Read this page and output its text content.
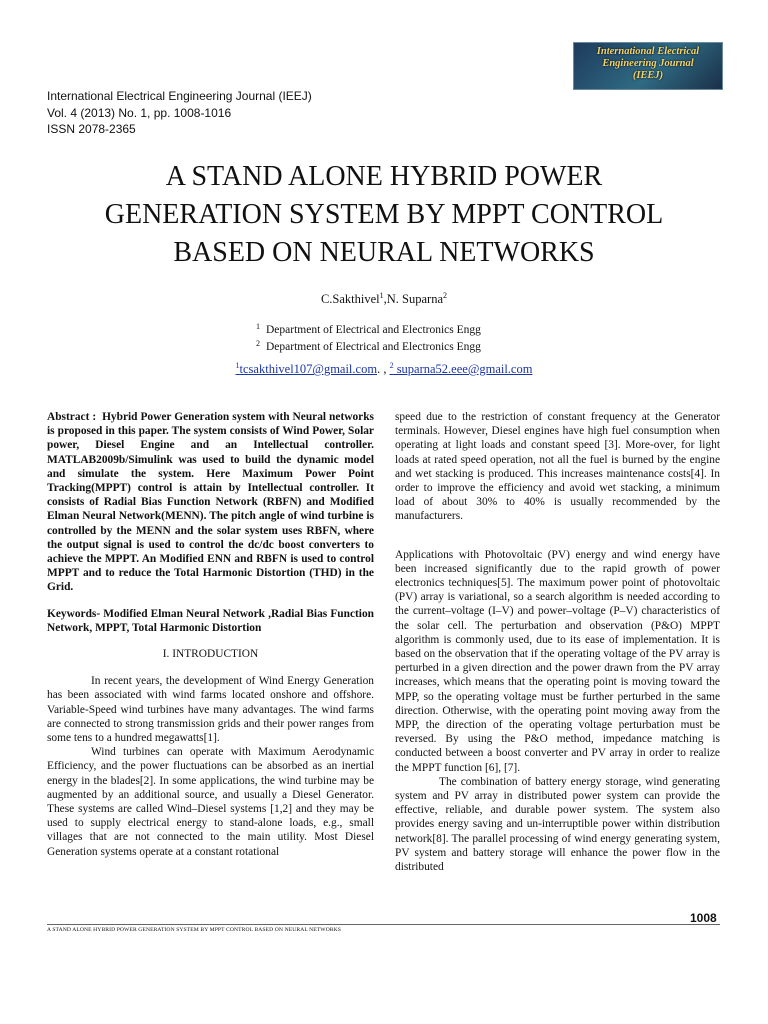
International Electrical
Engineering Journal
(IEEJ)
International Electrical Engineering Journal (IEEJ)
Vol. 4 (2013) No. 1, pp. 1008-1016
ISSN 2078-2365
A STAND ALONE HYBRID POWER
GENERATION SYSTEM BY MPPT CONTROL
BASED ON NEURAL NETWORKS
C.Sakthivel$^1$,N. Suparna$^2$
$^1$ Department of Electrical and Electronics Engg
$^2$ Department of Electrical and Electronics Engg
$^1$tcsakthivel107@gmail.com. , $^2$ suparna52.eee@gmail.com

Abstract : Hybrid Power Generation system with Neural networks is proposed in this paper. The system consists of Wind Power, Solar power, Diesel Engine and an Intellectual controller. MATLAB2009b/Simulink was used to build the dynamic model and simulate the system. Here Maximum Power Point Tracking(MPPT) control is attain by Intellectual controller. It consists of Radial Bias Function Network (RBFN) and Modified Elman Neural Network(MENN). The pitch angle of wind turbine is controlled by the MENN and the solar system uses RBFN, where the output signal is used to control the dc/dc boost converters to achieve the MPPT. An Modified ENN and RBFN is used to control MPPT and to reduce the Total Harmonic Distortion (THD) in the Grid.

Keywords- Modified Elman Neural Network ,Radial Bias Function Network, MPPT, Total Harmonic Distortion

I. INTRODUCTION

In recent years, the development of Wind Energy Generation has been associated with wind farms located onshore and offshore. Variable-Speed wind turbines have many advantages. The wind farms are connected to strong transmission grids and their power ranges from some tens to a hundred megawatts[1].

Wind turbines can operate with Maximum Aerodynamic Efficiency, and the power fluctuations can be absorbed as an inertial energy in the blades[2]. In some applications, the wind turbine may be augmented by an additional source, and usually a Diesel Generator. These systems are called Wind–Diesel systems [1,2] and they may be used to supply electrical energy to stand-alone loads, e.g., small villages that are not connected to the main utility. Most Diesel Generation systems operate at a constant rotational

speed due to the restriction of constant frequency at the Generator terminals. However, Diesel engines have high fuel consumption when operating at light loads and constant speed [3]. More-over, for light loads at rated speed operation, not all the fuel is burned by the engine and wet stacking is produced. This increases maintenance costs[4]. In order to improve the efficiency and avoid wet stacking, a minimum load of about 30% to 40% is usually recommended by the manufacturers.

Applications with Photovoltaic (PV) energy and wind energy have been increased significantly due to the rapid growth of power electronics techniques[5]. The maximum power point of photovoltaic (PV) array is variational, so a search algorithm is needed according to the current–voltage (I–V) and power–voltage (P–V) characteristics of the solar cell. The perturbation and observation (P&O) MPPT algorithm is commonly used, due to its ease of implementation. It is based on the observation that if the operating voltage of the PV array is perturbed in a given direction and the power drawn from the PV array increases, which means that the operating point is moving toward the MPP, so the operating voltage must be further perturbed in the same direction. Otherwise, with the operating point moving away from the MPP, the direction of the operating voltage perturbation must be reversed. By using the P&O method, impedance matching is conducted between a boost converter and PV array in order to realize the MPPT function [6], [7].

The combination of battery energy storage, wind generating system and PV array in distributed power system can provide the effective, reliable, and durable power system. The system also provides energy saving and un-interruptible power within distribution network[8]. The parallel processing of wind energy generating system, PV system and battery storage will enhance the power flow in the distributed

1008
A STAND ALONE HYBRID POWER GENERATION SYSTEM BY MPPT CONTROL BASED ON NEURAL NETWORKS
